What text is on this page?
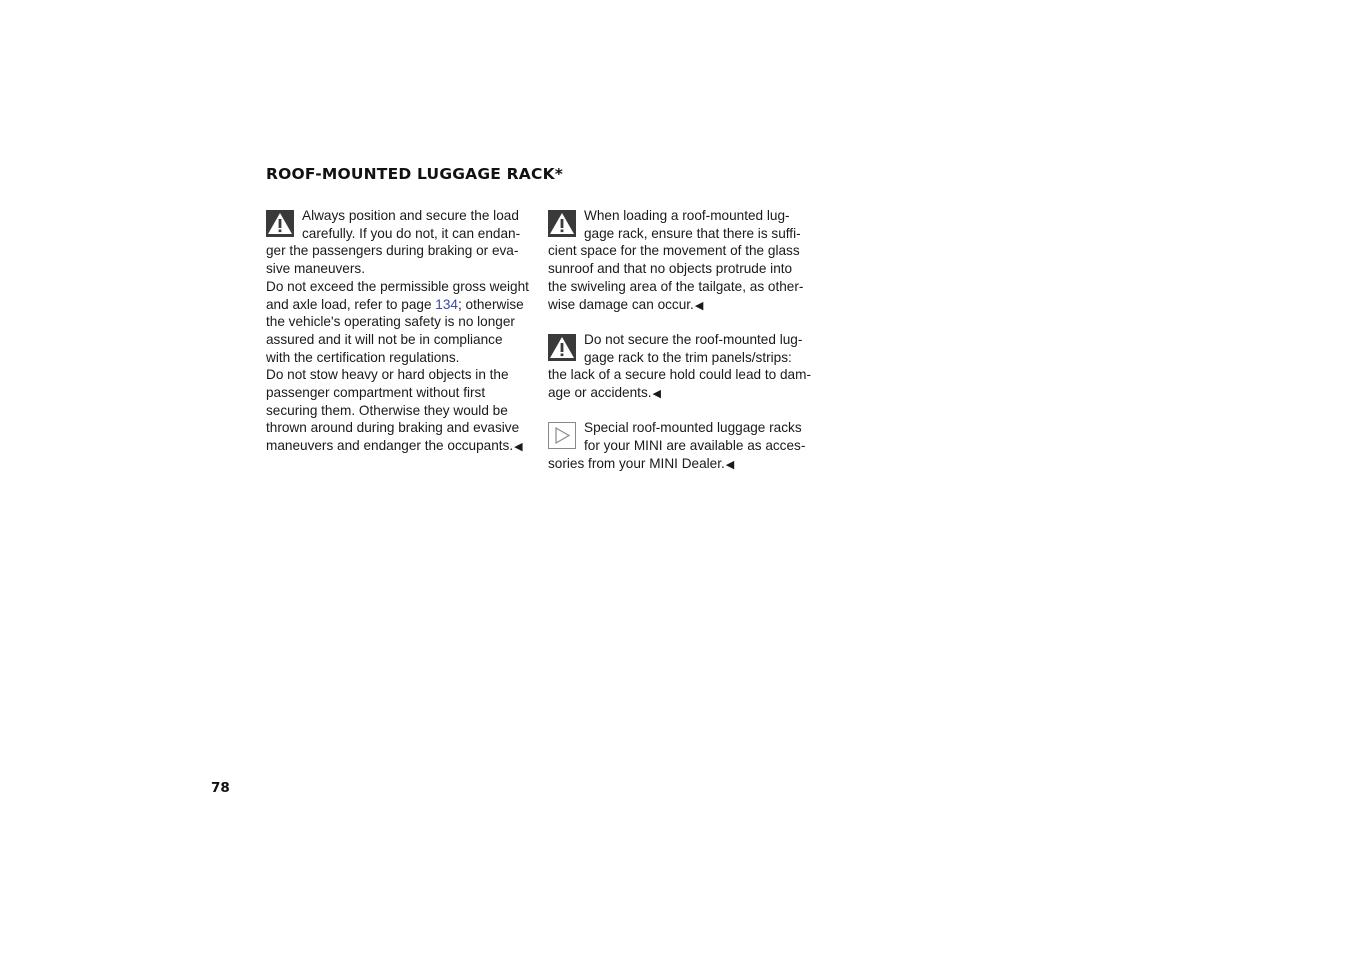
ROOF-MOUNTED LUGGAGE RACK*

Always position and secure the load

carefully. If you do not, it can endan-

ger the passengers during braking or eva-

sive maneuvers.

Do not exceed the permissible gross weight

and axle load, refer to page 134; otherwise

the vehicle's operating safety is no longer

assured and it will not be in compliance

with the certification regulations.

Do not stow heavy or hard objects in the

passenger compartment without first

securing them. Otherwise they would be

thrown around during braking and evasive

maneuvers and endanger the occupants.◀

When loading a roof-mounted lug-

gage rack, ensure that there is suffi-

cient space for the movement of the glass

sunroof and that no objects protrude into

the swiveling area of the tailgate, as other-

wise damage can occur.◀

Do not secure the roof-mounted lug-

gage rack to the trim panels/strips:

the lack of a secure hold could lead to dam-

age or accidents.◀

Special roof-mounted luggage racks

for your MINI are available as acces-

sories from your MINI Dealer.◀

78
